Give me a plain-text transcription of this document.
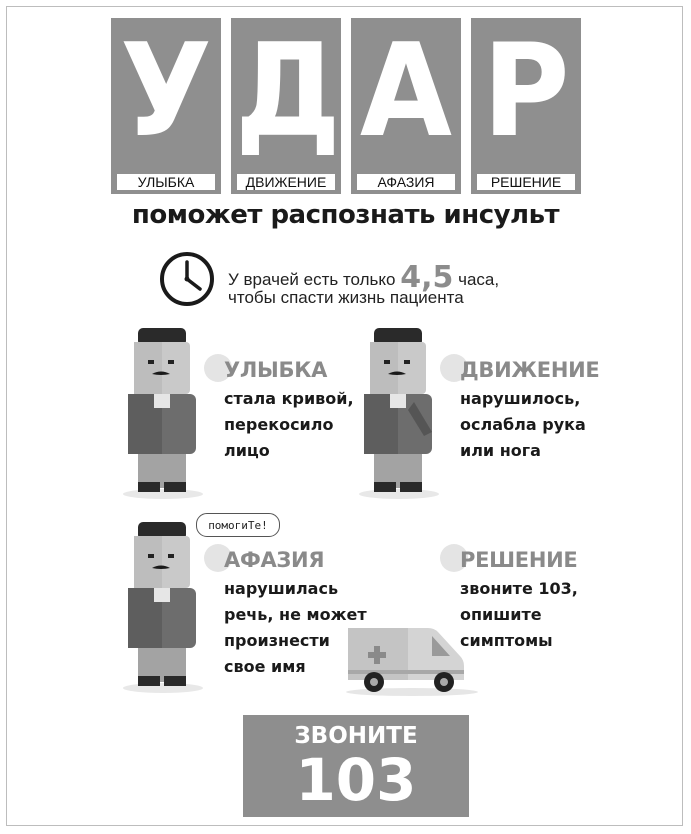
У
УЛЫБКА
Д
ДВИЖЕНИЕ
А
АФАЗИЯ
Р
РЕШЕНИЕ
поможет распознать инсульт
У врачей есть только 4,5 часа,
чтобы спасти жизнь пациента
помогиТе!
УЛЫБКА
стала кривой,
перекосило
лицо
ДВИЖЕНИЕ
нарушилось,
ослабла рука
или нога
АФАЗИЯ
нарушилась
речь, не может
произнести
свое имя
РЕШЕНИЕ
звоните 103,
опишите
симптомы
ЗВОНИТЕ
103
